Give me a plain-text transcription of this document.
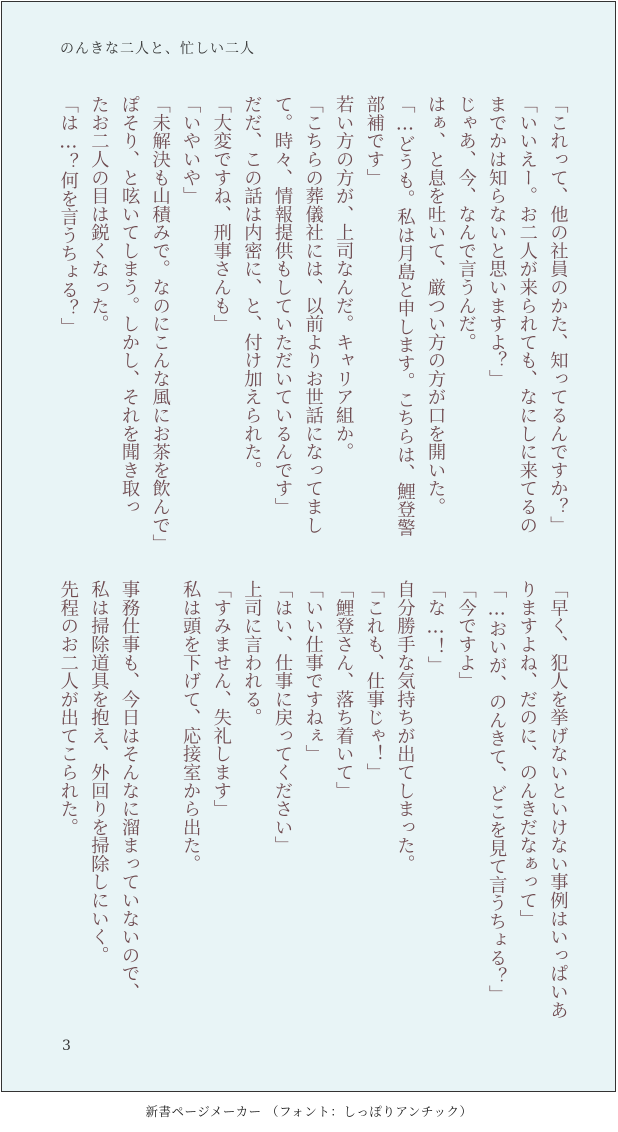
のんきな二人と、忙しい二人
「これって、他の社員のかた、知ってるんですか？」
「いいえー。お二人が来られても、なにしに来てるの
までかは知らないと思いますよ？」
じゃあ、今、なんで言うんだ。
はぁ、と息を吐いて、厳つい方の方が口を開いた。
「…どうも。私は月島と申します。こちらは、鯉登警
部補です」
若い方の方が、上司なんだ。キャリア組か。
「こちらの葬儀社には、以前よりお世話になってまし
て。時々、情報提供もしていただいているんです」
だだ、この話は内密に、と、付け加えられた。
「大変ですね、刑事さんも」
「いやいや」
「未解決も山積みで。なのにこんな風にお茶を飲んで」
ぽそり、と呟いてしまう。しかし、それを聞き取っ
たお二人の目は鋭くなった。
「は…？何を言うちょる？」
「早く、犯人を挙げないといけない事例はいっぱいあ
りますよね、だのに、のんきだなぁって」
「…おいが、のんきて、どこを見て言うちょる？」
「今ですよ」
「な…！」
自分勝手な気持ちが出てしまった。
「これも、仕事じゃ！」
「鯉登さん、落ち着いて」
「いい仕事ですねぇ」
「はい、仕事に戻ってください」
上司に言われる。
「すみません、失礼します」
私は頭を下げて、応接室から出た。
事務仕事も、今日はそんなに溜まっていないので、
私は掃除道具を抱え、外回りを掃除しにいく。
先程のお二人が出てこられた。
3
新書ページメーカー （フォント：しっぽりアンチック）
